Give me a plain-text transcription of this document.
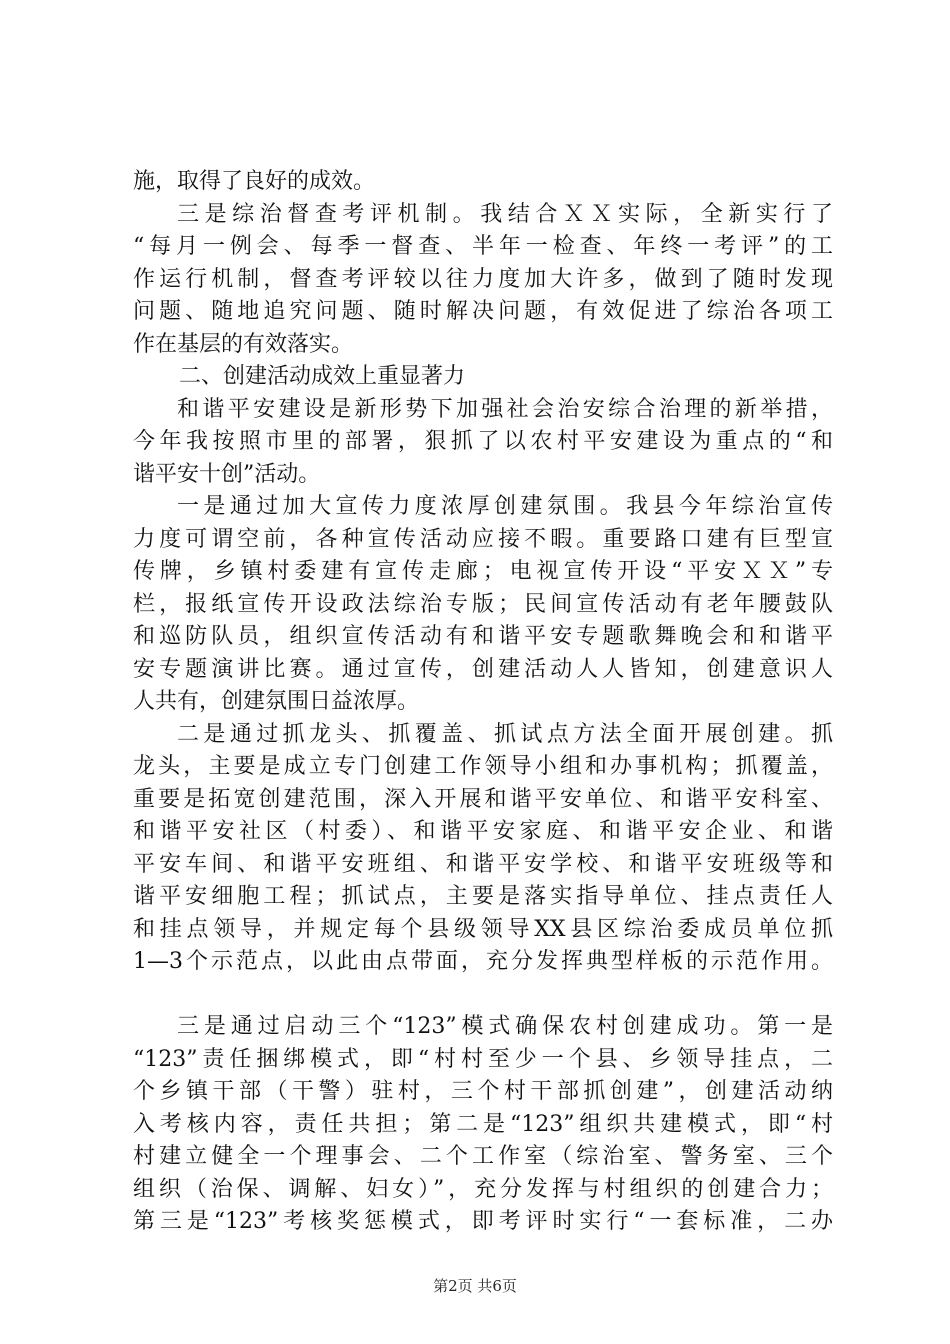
施，取得了良好的成效。
三是综治督查考评机制。我结合ＸＸ实际，全新实行了
“每月一例会、每季一督查、半年一检查、年终一考评”的工
作运行机制，督查考评较以往力度加大许多，做到了随时发现
问题、随地追究问题、随时解决问题，有效促进了综治各项工
作在基层的有效落实。
二、创建活动成效上重显著力
和谐平安建设是新形势下加强社会治安综合治理的新举措，
今年我按照市里的部署，狠抓了以农村平安建设为重点的“和
谐平安十创”活动。
一是通过加大宣传力度浓厚创建氛围。我县今年综治宣传
力度可谓空前，各种宣传活动应接不暇。重要路口建有巨型宣
传牌，乡镇村委建有宣传走廊；电视宣传开设“平安ＸＸ”专
栏，报纸宣传开设政法综治专版；民间宣传活动有老年腰鼓队
和巡防队员，组织宣传活动有和谐平安专题歌舞晚会和和谐平
安专题演讲比赛。通过宣传，创建活动人人皆知，创建意识人
人共有，创建氛围日益浓厚。
二是通过抓龙头、抓覆盖、抓试点方法全面开展创建。抓
龙头，主要是成立专门创建工作领导小组和办事机构；抓覆盖，
重要是拓宽创建范围，深入开展和谐平安单位、和谐平安科室、
和谐平安社区（村委）、和谐平安家庭、和谐平安企业、和谐
平安车间、和谐平安班组、和谐平安学校、和谐平安班级等和
谐平安细胞工程；抓试点，主要是落实指导单位、挂点责任人
和挂点领导，并规定每个县级领导XX县区综治委成员单位抓
1—3个示范点，以此由点带面，充分发挥典型样板的示范作用。
三是通过启动三个“123”模式确保农村创建成功。第一是
“123”责任捆绑模式，即“村村至少一个县、乡领导挂点，二
个乡镇干部（干警）驻村，三个村干部抓创建”，创建活动纳
入考核内容，责任共担；第二是“123”组织共建模式，即“村
村建立健全一个理事会、二个工作室（综治室、警务室、三个
组织（治保、调解、妇女）”，充分发挥与村组织的创建合力；
第三是“123”考核奖惩模式，即考评时实行“一套标准，二办
第2页 共6页
